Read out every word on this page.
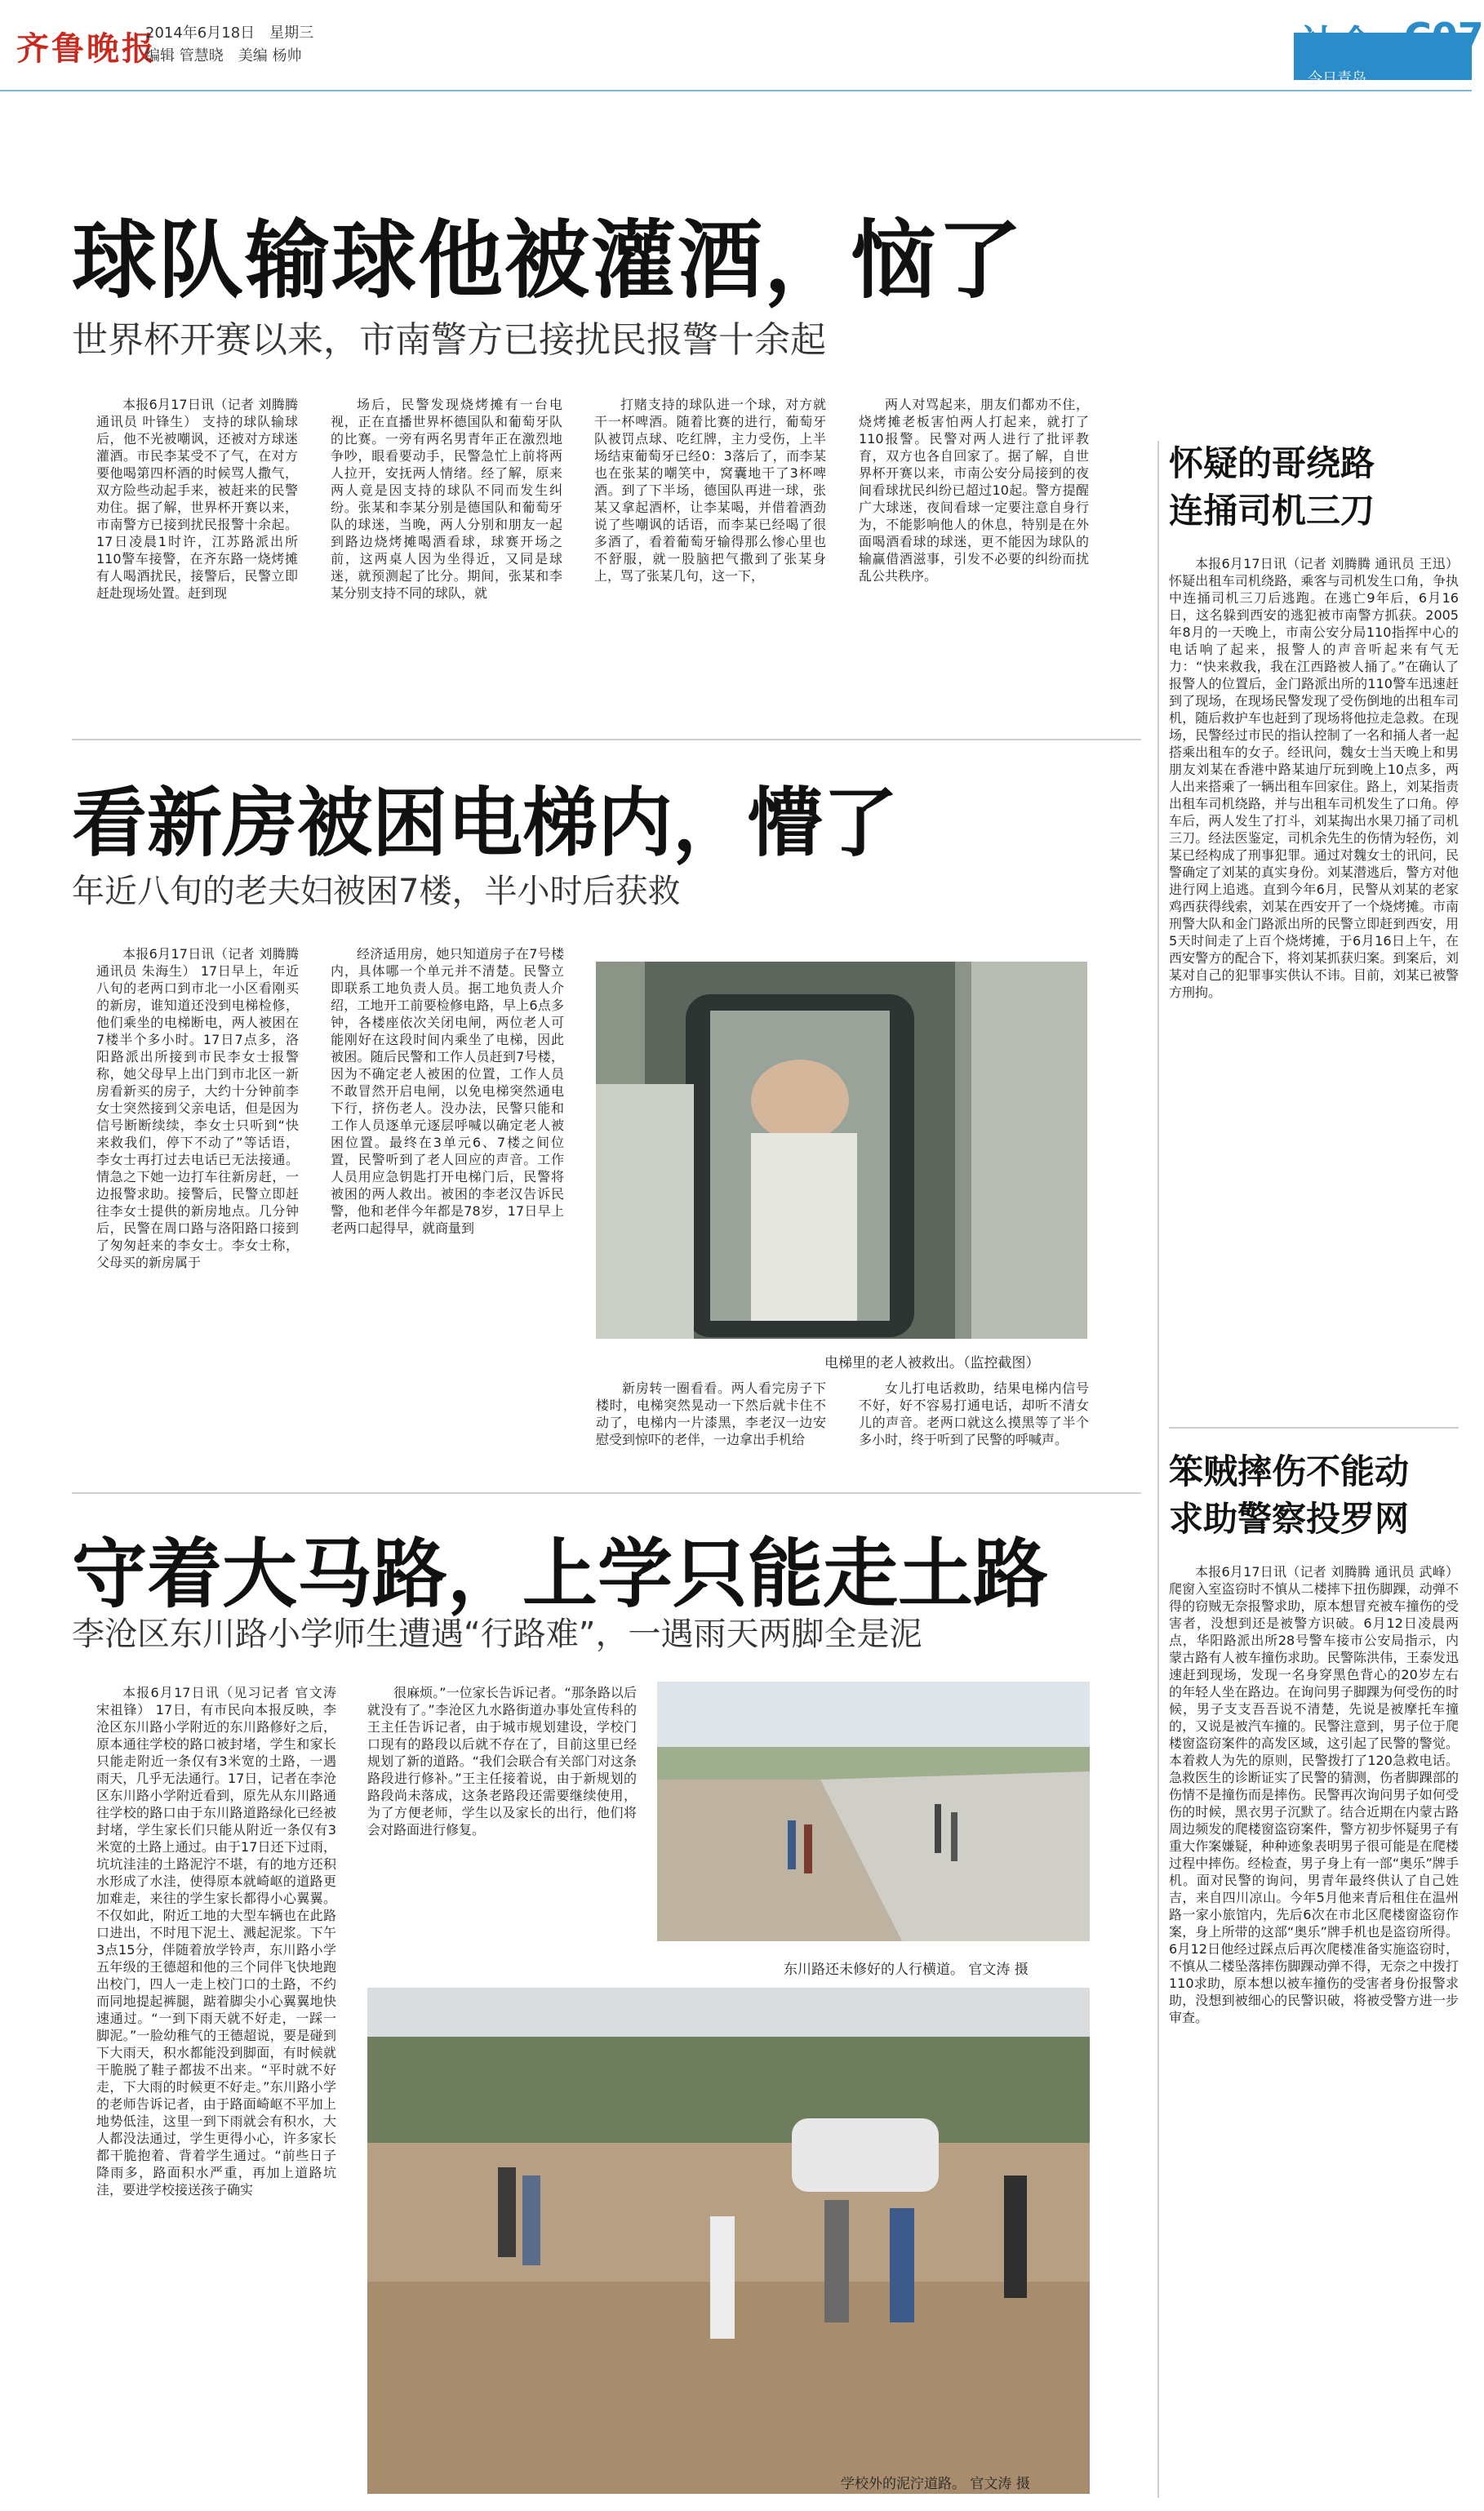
齐鲁晚报
2014年6月18日　星期三
编辑 管慧晓　美编 杨帅	社会 C07
今日青岛
球队输球他被灌酒，恼了
世界杯开赛以来，市南警方已接扰民报警十余起

本报6月17日讯（记者 刘腾腾 通讯员 叶锋生） 支持的球队输球后，他不光被嘲讽，还被对方球迷灌酒。市民李某受不了气，在对方要他喝第四杯酒的时候骂人撒气，双方险些动起手来，被赶来的民警劝住。据了解，世界杯开赛以来，市南警方已接到扰民报警十余起。17日凌晨1时许，江苏路派出所110警车接警，在齐东路一烧烤摊有人喝酒扰民，接警后，民警立即赶赴现场处置。赶到现

场后，民警发现烧烤摊有一台电视，正在直播世界杯德国队和葡萄牙队的比赛。一旁有两名男青年正在激烈地争吵，眼看要动手，民警急忙上前将两人拉开，安抚两人情绪。经了解，原来两人竟是因支持的球队不同而发生纠纷。张某和李某分别是德国队和葡萄牙队的球迷，当晚，两人分别和朋友一起到路边烧烤摊喝酒看球，球赛开场之前，这两桌人因为坐得近，又同是球迷，就预测起了比分。期间，张某和李某分别支持不同的球队，就

打赌支持的球队进一个球，对方就干一杯啤酒。随着比赛的进行，葡萄牙队被罚点球、吃红牌，主力受伤，上半场结束葡萄牙已经0：3落后了，而李某也在张某的嘲笑中，窝囊地干了3杯啤酒。到了下半场，德国队再进一球，张某又拿起酒杯，让李某喝，并借着酒劲说了些嘲讽的话语，而李某已经喝了很多酒了，看着葡萄牙输得那么惨心里也不舒服，就一股脑把气撒到了张某身上，骂了张某几句，这一下，

两人对骂起来，朋友们都劝不住，烧烤摊老板害怕两人打起来，就打了110报警。民警对两人进行了批评教育，双方也各自回家了。据了解，自世界杯开赛以来，市南公安分局接到的夜间看球扰民纠纷已超过10起。警方提醒广大球迷，夜间看球一定要注意自身行为，不能影响他人的休息，特别是在外面喝酒看球的球迷，更不能因为球队的输赢借酒滋事，引发不必要的纠纷而扰乱公共秩序。

看新房被困电梯内，懵了
年近八旬的老夫妇被困7楼，半小时后获救

本报6月17日讯（记者 刘腾腾 通讯员 朱海生） 17日早上，年近八旬的老两口到市北一小区看刚买的新房，谁知道还没到电梯检修，他们乘坐的电梯断电，两人被困在7楼半个多小时。17日7点多，洛阳路派出所接到市民李女士报警称，她父母早上出门到市北区一新房看新买的房子，大约十分钟前李女士突然接到父亲电话，但是因为信号断断续续，李女士只听到“快来救我们，停下不动了”等话语，李女士再打过去电话已无法接通。情急之下她一边打车往新房赶，一边报警求助。接警后，民警立即赶往李女士提供的新房地点。几分钟后，民警在周口路与洛阳路口接到了匆匆赶来的李女士。李女士称，父母买的新房属于

经济适用房，她只知道房子在7号楼内，具体哪一个单元并不清楚。民警立即联系工地负责人员。据工地负责人介绍，工地开工前要检修电路，早上6点多钟，各楼座依次关闭电闸，两位老人可能刚好在这段时间内乘坐了电梯，因此被困。随后民警和工作人员赶到7号楼，因为不确定老人被困的位置，工作人员不敢冒然开启电闸，以免电梯突然通电下行，挤伤老人。没办法，民警只能和工作人员逐单元逐层呼喊以确定老人被困位置。最终在3单元6、7楼之间位置，民警听到了老人回应的声音。工作人员用应急钥匙打开电梯门后，民警将被困的两人救出。被困的李老汉告诉民警，他和老伴今年都是78岁，17日早上老两口起得早，就商量到

电梯里的老人被救出。（监控截图）

新房转一圈看看。两人看完房子下楼时，电梯突然晃动一下然后就卡住不动了，电梯内一片漆黑，李老汉一边安慰受到惊吓的老伴，一边拿出手机给

女儿打电话救助，结果电梯内信号不好，好不容易打通电话，却听不清女儿的声音。老两口就这么摸黑等了半个多小时，终于听到了民警的呼喊声。

守着大马路，上学只能走土路
李沧区东川路小学师生遭遇“行路难”，一遇雨天两脚全是泥

本报6月17日讯（见习记者 官文涛 宋祖锋） 17日，有市民向本报反映，李沧区东川路小学附近的东川路修好之后，原本通往学校的路口被封堵，学生和家长只能走附近一条仅有3米宽的土路，一遇雨天，几乎无法通行。17日，记者在李沧区东川路小学附近看到，原先从东川路通往学校的路口由于东川路道路绿化已经被封堵，学生家长们只能从附近一条仅有3米宽的土路上通过。由于17日还下过雨，坑坑洼洼的土路泥泞不堪，有的地方还积水形成了水洼，使得原本就崎岖的道路更加难走，来往的学生家长都得小心翼翼。不仅如此，附近工地的大型车辆也在此路口进出，不时甩下泥土、溅起泥浆。下午3点15分，伴随着放学铃声，东川路小学五年级的王德超和他的三个同伴飞快地跑出校门，四人一走上校门口的土路，不约而同地提起裤腿，踮着脚尖小心翼翼地快速通过。“一到下雨天就不好走，一踩一脚泥。”一脸幼稚气的王德超说，要是碰到下大雨天，积水都能没到脚面，有时候就干脆脱了鞋子都拔不出来。“平时就不好走，下大雨的时候更不好走。”东川路小学的老师告诉记者，由于路面崎岖不平加上地势低洼，这里一到下雨就会有积水，大人都没法通过，学生更得小心，许多家长都干脆抱着、背着学生通过。“前些日子降雨多，路面积水严重，再加上道路坑洼，要进学校接送孩子确实

很麻烦。”一位家长告诉记者。“那条路以后就没有了。”李沧区九水路街道办事处宣传科的王主任告诉记者，由于城市规划建设，学校门口现有的路段以后就不存在了，目前这里已经规划了新的道路。“我们会联合有关部门对这条路段进行修补。”王主任接着说，由于新规划的路段尚未落成，这条老路段还需要继续使用，为了方便老师，学生以及家长的出行，他们将会对路面进行修复。

东川路还未修好的人行横道。 官文涛 摄
学校外的泥泞道路。 官文涛 摄
怀疑的哥绕路
连捅司机三刀

本报6月17日讯（记者 刘腾腾 通讯员 王迅） 怀疑出租车司机绕路，乘客与司机发生口角，争执中连捅司机三刀后逃跑。在逃亡9年后，6月16日，这名躲到西安的逃犯被市南警方抓获。2005年8月的一天晚上，市南公安分局110指挥中心的电话响了起来，报警人的声音听起来有气无力：“快来救我，我在江西路被人捅了。”在确认了报警人的位置后，金门路派出所的110警车迅速赶到了现场，在现场民警发现了受伤倒地的出租车司机，随后救护车也赶到了现场将他拉走急救。在现场，民警经过市民的指认控制了一名和捅人者一起搭乘出租车的女子。经讯问，魏女士当天晚上和男朋友刘某在香港中路某迪厅玩到晚上10点多，两人出来搭乘了一辆出租车回家住。路上，刘某指责出租车司机绕路，并与出租车司机发生了口角。停车后，两人发生了打斗，刘某掏出水果刀捅了司机三刀。经法医鉴定，司机余先生的伤情为轻伤，刘某已经构成了刑事犯罪。通过对魏女士的讯问，民警确定了刘某的真实身份。刘某潜逃后，警方对他进行网上追逃。直到今年6月，民警从刘某的老家鸡西获得线索，刘某在西安开了一个烧烤摊。市南刑警大队和金门路派出所的民警立即赶到西安，用5天时间走了上百个烧烤摊，于6月16日上午，在西安警方的配合下，将刘某抓获归案。到案后，刘某对自己的犯罪事实供认不讳。目前，刘某已被警方刑拘。

笨贼摔伤不能动
求助警察投罗网

本报6月17日讯（记者 刘腾腾 通讯员 武峰） 爬窗入室盗窃时不慎从二楼摔下扭伤脚踝，动弹不得的窃贼无奈报警求助，原本想冒充被车撞伤的受害者，没想到还是被警方识破。6月12日凌晨两点，华阳路派出所28号警车接市公安局指示，内蒙古路有人被车撞伤求助。民警陈洪伟，王泰发迅速赶到现场，发现一名身穿黑色背心的20岁左右的年轻人坐在路边。在询问男子脚踝为何受伤的时候，男子支支吾吾说不清楚，先说是被摩托车撞的，又说是被汽车撞的。民警注意到，男子位于爬楼窗盗窃案件的高发区域，这引起了民警的警觉。本着救人为先的原则，民警拨打了120急救电话。急救医生的诊断证实了民警的猜测，伤者脚踝部的伤情不是撞伤而是摔伤。民警再次询问男子如何受伤的时候，黑衣男子沉默了。结合近期在内蒙古路周边频发的爬楼窗盗窃案件，警方初步怀疑男子有重大作案嫌疑，种种迹象表明男子很可能是在爬楼过程中摔伤。经检查，男子身上有一部“奥乐”牌手机。面对民警的询问，男青年最终供认了自己姓吉，来自四川凉山。今年5月他来青后租住在温州路一家小旅馆内，先后6次在市北区爬楼窗盗窃作案，身上所带的这部“奥乐”牌手机也是盗窃所得。6月12日他经过踩点后再次爬楼准备实施盗窃时，不慎从二楼坠落摔伤脚踝动弹不得，无奈之中拨打110求助，原本想以被车撞伤的受害者身份报警求助，没想到被细心的民警识破，将被受警方进一步审查。
